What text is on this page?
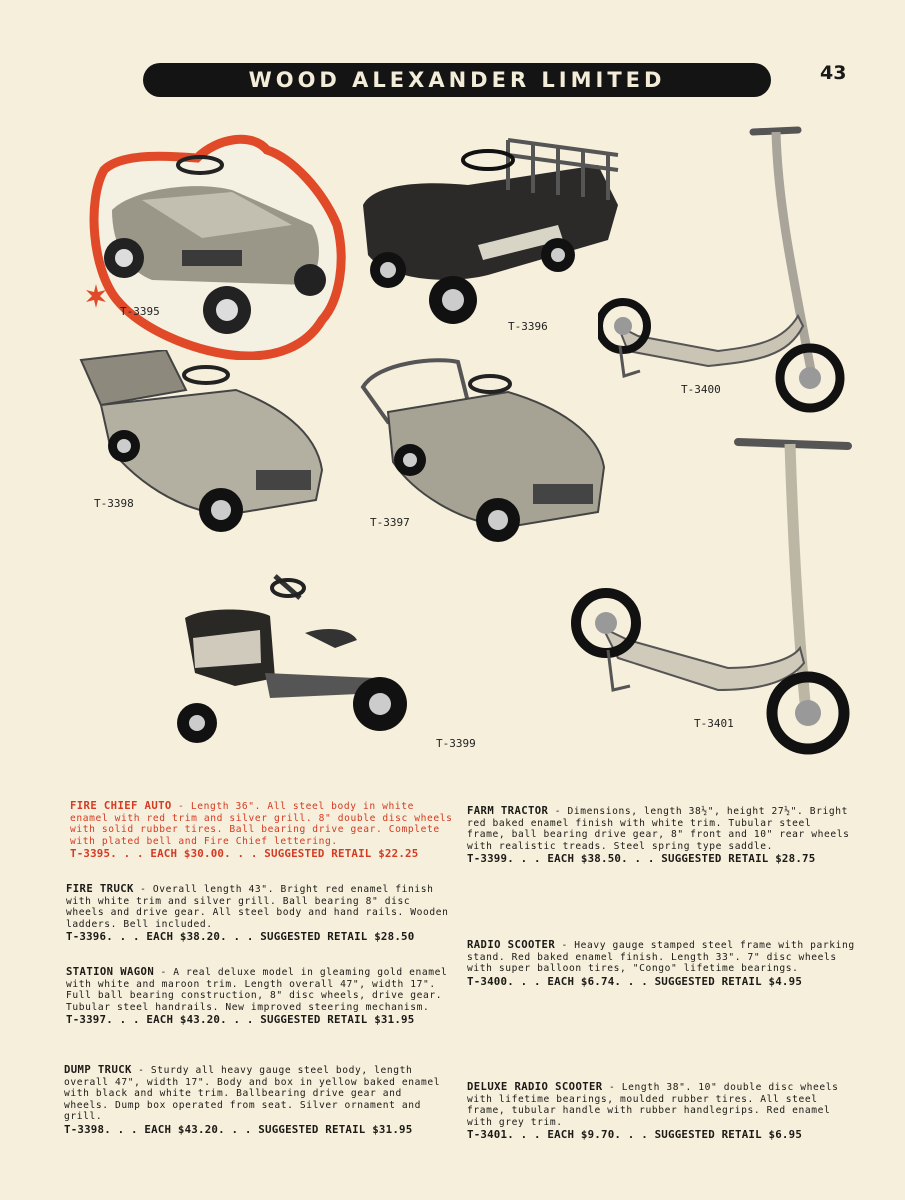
WOOD ALEXANDER LIMITED	43
T-3395
T-3396
T-3400
T-3398
T-3397
T-3399
T-3401
FIRE CHIEF AUTO - Length 36". All steel body in white enamel with red trim and silver grill. 8" double disc wheels with solid rubber tires. Ball bearing drive gear. Complete with plated bell and Fire Chief lettering.
T-3395. . . EACH $30.00. . . SUGGESTED RETAIL $22.25
FIRE TRUCK - Overall length 43". Bright red enamel finish with white trim and silver grill. Ball bearing 8" disc wheels and drive gear. All steel body and hand rails. Wooden ladders. Bell included.
T-3396. . . EACH $38.20. . . SUGGESTED RETAIL $28.50
STATION WAGON - A real deluxe model in gleaming gold enamel with white and maroon trim. Length overall 47", width 17". Full ball bearing construction, 8" disc wheels, drive gear. Tubular steel handrails. New improved steering mechanism.
T-3397. . . EACH $43.20. . . SUGGESTED RETAIL $31.95
DUMP TRUCK - Sturdy all heavy gauge steel body, length overall 47", width 17". Body and box in yellow baked enamel with black and white trim. Ballbearing drive gear and wheels. Dump box operated from seat. Silver ornament and grill.
T-3398. . . EACH $43.20. . . SUGGESTED RETAIL $31.95
FARM TRACTOR - Dimensions, length 38½", height 27½". Bright red baked enamel finish with white trim. Tubular steel frame, ball bearing drive gear, 8" front and 10" rear wheels with realistic treads. Steel spring type saddle.
T-3399. . . EACH $38.50. . . SUGGESTED RETAIL $28.75
RADIO SCOOTER - Heavy gauge stamped steel frame with parking stand. Red baked enamel finish. Length 33". 7" disc wheels with super balloon tires, "Congo" lifetime bearings.
T-3400. . . EACH $6.74. . . SUGGESTED RETAIL $4.95
DELUXE RADIO SCOOTER - Length 38". 10" double disc wheels with lifetime bearings, moulded rubber tires. All steel frame, tubular handle with rubber handlegrips. Red enamel with grey trim.
T-3401. . . EACH $9.70. . . SUGGESTED RETAIL $6.95
